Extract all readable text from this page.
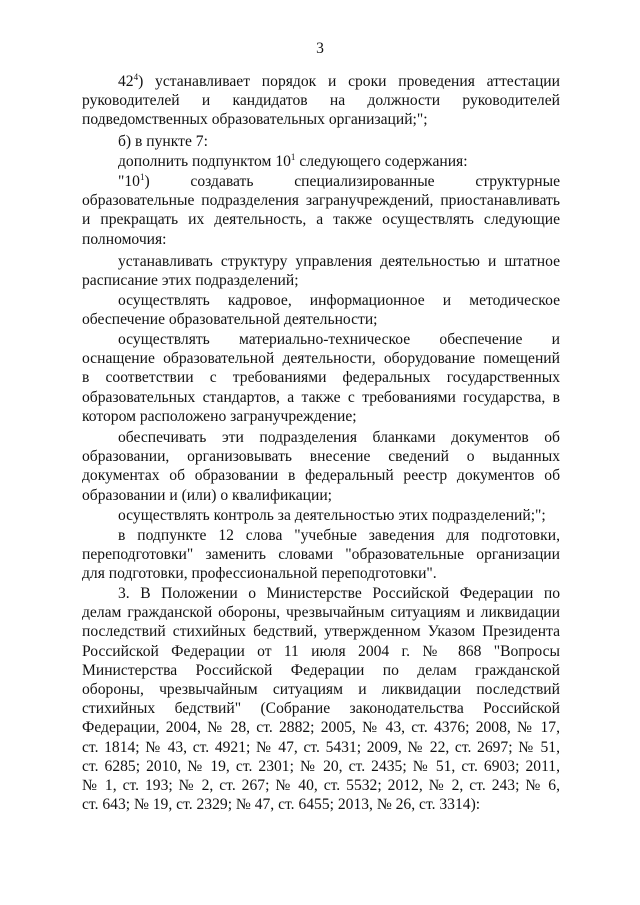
3
$42^4$) устанавливает порядок и сроки проведения аттестации
руководителей и кандидатов на должности руководителей
подведомственных образовательных организаций;";
б) в пункте 7:
дополнить подпунктом $10^1$ следующего содержания:
"$10^1$) создавать специализированные структурные
образовательные подразделения загранучреждений, приостанавливать
и прекращать их деятельность, а также осуществлять следующие
полномочия:
устанавливать структуру управления деятельностью и штатное
расписание этих подразделений;
осуществлять кадровое, информационное и методическое
обеспечение образовательной деятельности;
осуществлять материально-техническое обеспечение и
оснащение образовательной деятельности, оборудование помещений
в соответствии с требованиями федеральных государственных
образовательных стандартов, а также с требованиями государства, в
котором расположено загранучреждение;
обеспечивать эти подразделения бланками документов об
образовании, организовывать внесение сведений о выданных
документах об образовании в федеральный реестр документов об
образовании и (или) о квалификации;
осуществлять контроль за деятельностью этих подразделений;";
в подпункте 12 слова "учебные заведения для подготовки,
переподготовки" заменить словами "образовательные организации
для подготовки, профессиональной переподготовки".
3. В Положении о Министерстве Российской Федерации по
делам гражданской обороны, чрезвычайным ситуациям и ликвидации
последствий стихийных бедствий, утвержденном Указом Президента
Российской Федерации от 11 июля 2004 г. № 868 "Вопросы
Министерства Российской Федерации по делам гражданской
обороны, чрезвычайным ситуациям и ликвидации последствий
стихийных бедствий" (Собрание законодательства Российской
Федерации, 2004, № 28, ст. 2882; 2005, № 43, ст. 4376; 2008, № 17,
ст. 1814; № 43, ст. 4921; № 47, ст. 5431; 2009, № 22, ст. 2697; № 51,
ст. 6285; 2010, № 19, ст. 2301; № 20, ст. 2435; № 51, ст. 6903; 2011,
№ 1, ст. 193; № 2, ст. 267; № 40, ст. 5532; 2012, № 2, ст. 243; № 6,
ст. 643; № 19, ст. 2329; № 47, ст. 6455; 2013, № 26, ст. 3314):
